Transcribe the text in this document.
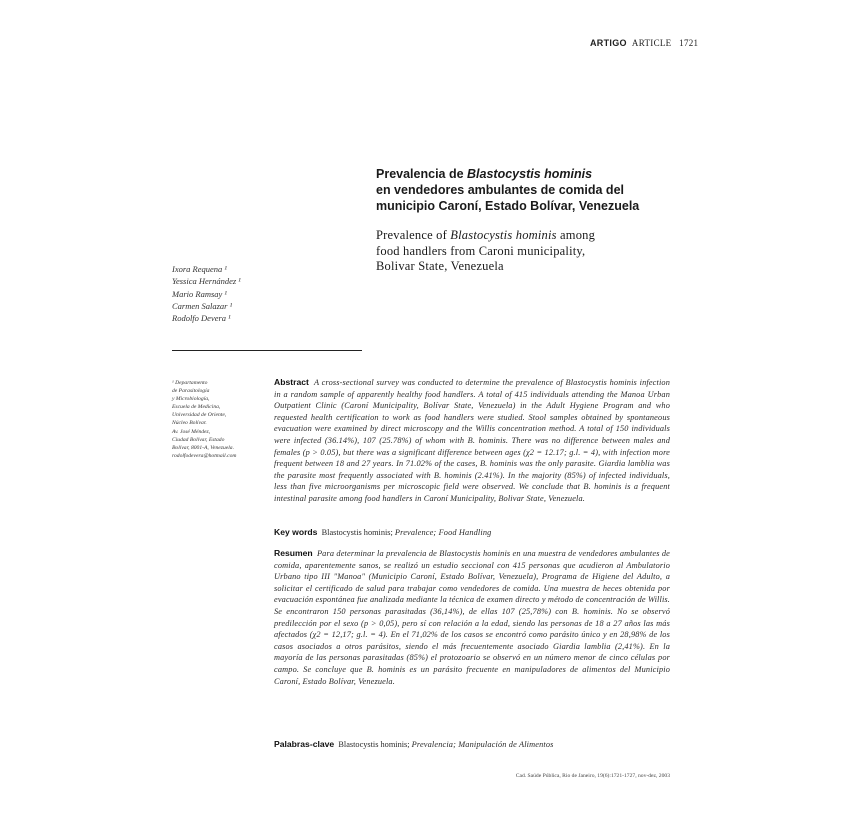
ARTIGO ARTICLE 1721
Prevalencia de Blastocystis hominis
en vendedores ambulantes de comida del
municipio Caroní, Estado Bolívar, Venezuela
Prevalence of Blastocystis hominis among
food handlers from Caroni municipality,
Bolivar State, Venezuela
Ixora Requena ¹
Yessica Hernández ¹
Mario Ramsay ¹
Carmen Salazar ¹
Rodolfo Devera ¹
¹ Departamento
de Parasitología
y Microbiología,
Escuela de Medicina,
Universidad de Oriente,
Núcleo Bolívar.
Av. José Méndez,
Ciudad Bolívar, Estado
Bolívar, 8001-A, Venezuela.
rodolfodevera@hotmail.com
Abstract A cross-sectional survey was conducted to determine the prevalence of Blastocystis hominis infection in a random sample of apparently healthy food handlers. A total of 415 individuals attending the Manoa Urban Outpatient Clinic (Caroní Municipality, Bolívar State, Venezuela) in the Adult Hygiene Program and who requested health certification to work as food handlers were studied. Stool samples obtained by spontaneous evacuation were examined by direct microscopy and the Willis concentration method. A total of 150 individuals were infected (36.14%), 107 (25.78%) of whom with B. hominis. There was no difference between males and females (p > 0.05), but there was a significant difference between ages (χ2 = 12.17; g.l. = 4), with infection more frequent between 18 and 27 years. In 71.02% of the cases, B. hominis was the only parasite. Giardia lamblia was the parasite most frequently associated with B. hominis (2.41%). In the majority (85%) of infected individuals, less than five microorganisms per microscopic field were observed. We conclude that B. hominis is a frequent intestinal parasite among food handlers in Caroní Municipality, Bolivar State, Venezuela.
Key words Blastocystis hominis; Prevalence; Food Handling
Resumen Para determinar la prevalencia de Blastocystis hominis en una muestra de vendedores ambulantes de comida, aparentemente sanos, se realizó un estudio seccional con 415 personas que acudieron al Ambulatorio Urbano tipo III "Manoa" (Municipio Caroní, Estado Bolívar, Venezuela), Programa de Higiene del Adulto, a solicitar el certificado de salud para trabajar como vendedores de comida. Una muestra de heces obtenida por evacuación espontánea fue analizada mediante la técnica de examen directo y método de concentración de Willis. Se encontraron 150 personas parasitadas (36,14%), de ellas 107 (25,78%) con B. hominis. No se observó predilección por el sexo (p > 0,05), pero sí con relación a la edad, siendo las personas de 18 a 27 años las más afectados (χ2 = 12,17; g.l. = 4). En el 71,02% de los casos se encontró como parásito único y en 28,98% de los casos asociados a otros parásitos, siendo el más frecuentemente asociado Giardia lamblia (2,41%). En la mayoría de las personas parasitadas (85%) el protozoario se observó en un número menor de cinco células por campo. Se concluye que B. hominis es un parásito frecuente en manipuladores de alimentos del Municipio Caroní, Estado Bolívar, Venezuela.
Palabras-clave Blastocystis hominis; Prevalencia; Manipulación de Alimentos
Cad. Saúde Pública, Rio de Janeiro, 19(6):1721-1727, nov-dez, 2003
